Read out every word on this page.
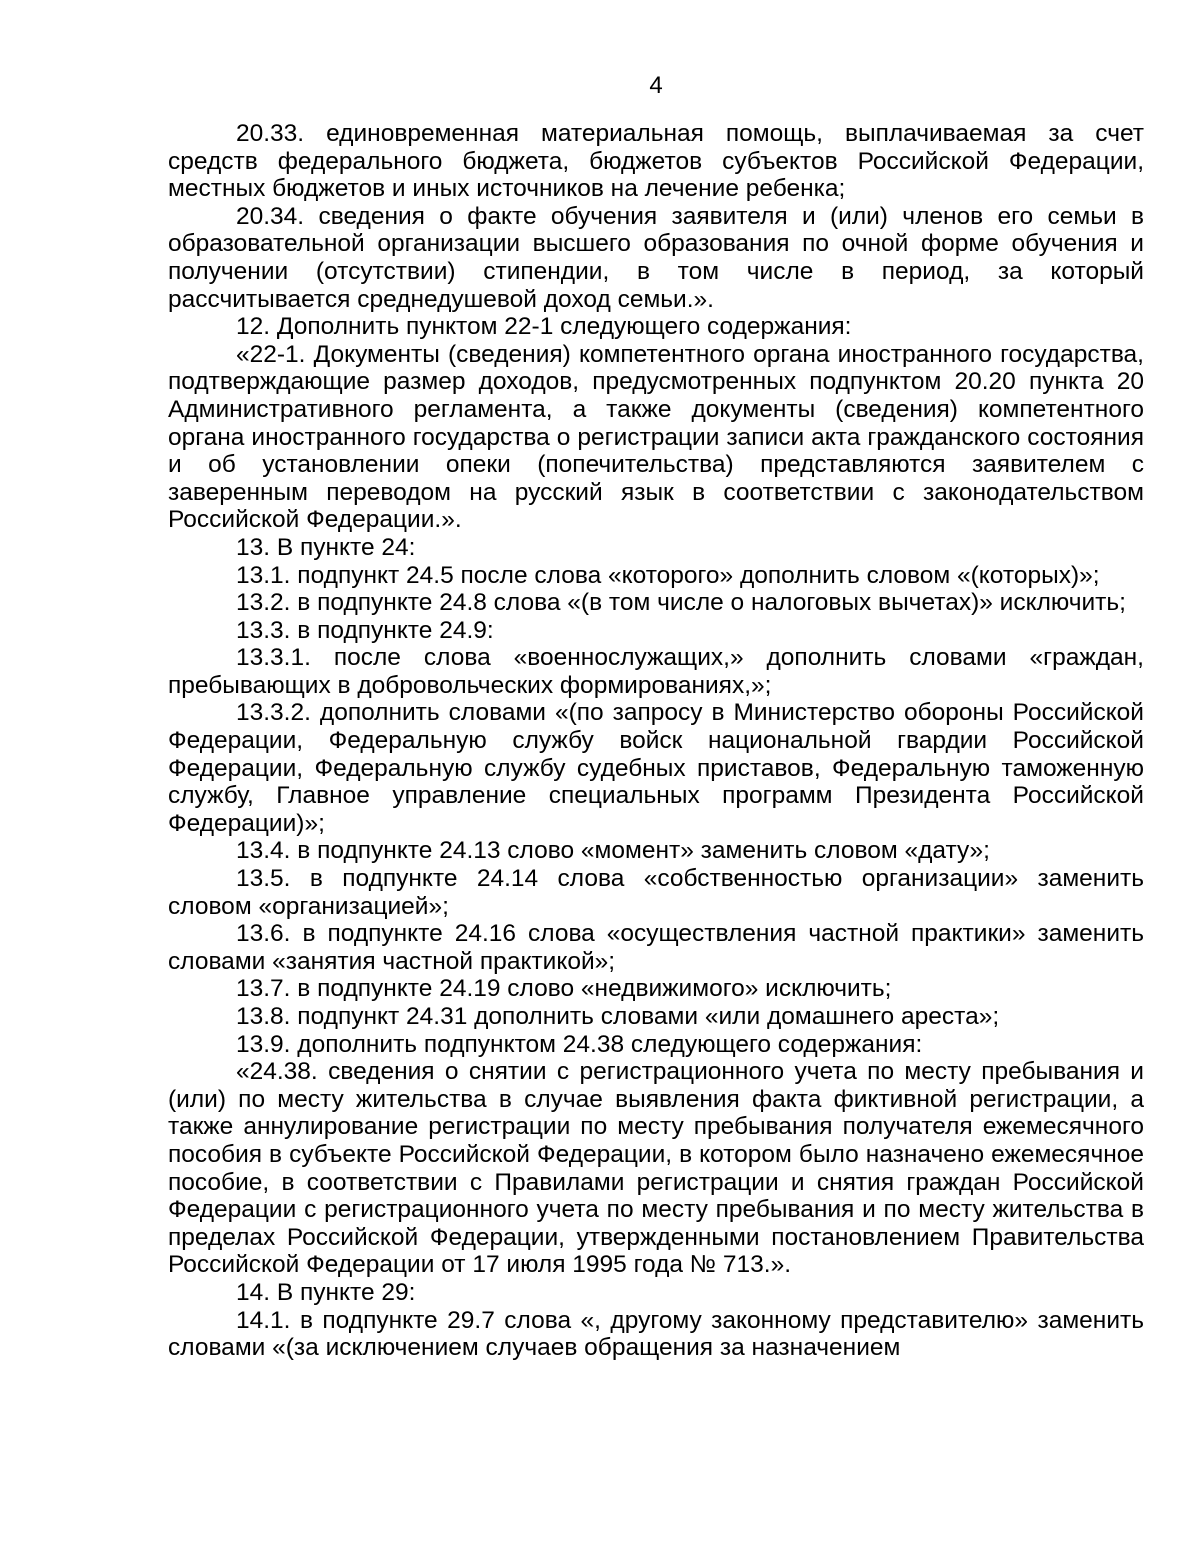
4

20.33. единовременная материальная помощь, выплачиваемая за счет средств федерального бюджета, бюджетов субъектов Российской Федерации, местных бюджетов и иных источников на лечение ребенка;

20.34. сведения о факте обучения заявителя и (или) членов его семьи в образовательной организации высшего образования по очной форме обучения и получении (отсутствии) стипендии, в том числе в период, за который рассчитывается среднедушевой доход семьи.».

12. Дополнить пунктом 22-1 следующего содержания:

«22-1. Документы (сведения) компетентного органа иностранного государства, подтверждающие размер доходов, предусмотренных подпунктом 20.20 пункта 20 Административного регламента, а также документы (сведения) компетентного органа иностранного государства о регистрации записи акта гражданского состояния и об установлении опеки (попечительства) представляются заявителем с заверенным переводом на русский язык в соответствии с законодательством Российской Федерации.».

13. В пункте 24:

13.1. подпункт 24.5 после слова «которого» дополнить словом «(которых)»;

13.2. в подпункте 24.8 слова «(в том числе о налоговых вычетах)» исключить;

13.3. в подпункте 24.9:

13.3.1. после слова «военнослужащих,» дополнить словами «граждан, пребывающих в добровольческих формированиях,»;

13.3.2. дополнить словами «(по запросу в Министерство обороны Российской Федерации, Федеральную службу войск национальной гвардии Российской Федерации, Федеральную службу судебных приставов, Федеральную таможенную службу, Главное управление специальных программ Президента Российской Федерации)»;

13.4. в подпункте 24.13 слово «момент» заменить словом «дату»;

13.5. в подпункте 24.14 слова «собственностью организации» заменить словом «организацией»;

13.6. в подпункте 24.16 слова «осуществления частной практики» заменить словами «занятия частной практикой»;

13.7. в подпункте 24.19 слово «недвижимого» исключить;

13.8. подпункт 24.31 дополнить словами «или домашнего ареста»;

13.9. дополнить подпунктом 24.38 следующего содержания:

«24.38. сведения о снятии с регистрационного учета по месту пребывания и (или) по месту жительства в случае выявления факта фиктивной регистрации, а также аннулирование регистрации по месту пребывания получателя ежемесячного пособия в субъекте Российской Федерации, в котором было назначено ежемесячное пособие, в соответствии с Правилами регистрации и снятия граждан Российской Федерации с регистрационного учета по месту пребывания и по месту жительства в пределах Российской Федерации, утвержденными постановлением Правительства Российской Федерации от 17 июля 1995 года № 713.».

14. В пункте 29:

14.1. в подпункте 29.7 слова «, другому законному представителю» заменить словами «(за исключением случаев обращения за назначением
